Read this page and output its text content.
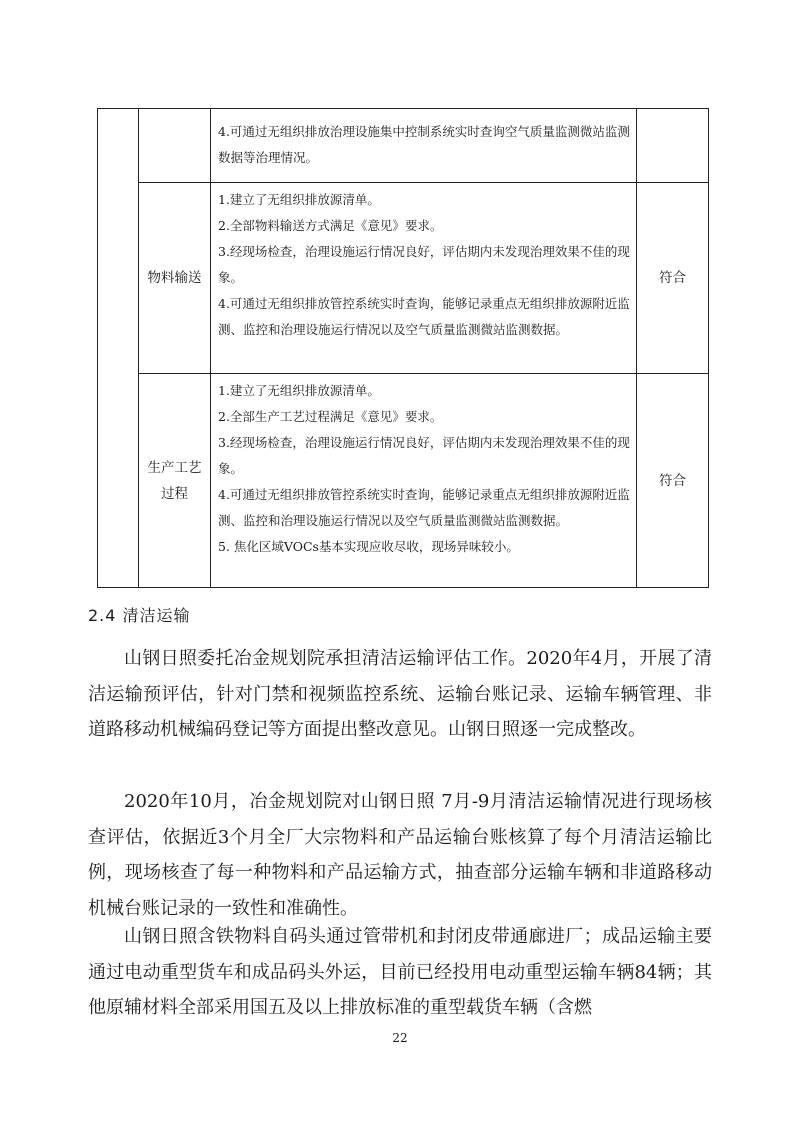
4.可通过无组织排放治理设施集中控制系统实时查询空气质量监测微站监测数据等治理情况。

物料输送

1.建立了无组织排放源清单。

2.全部物料输送方式满足《意见》要求。

3.经现场检查，治理设施运行情况良好，评估期内未发现治理效果不佳的现象。

4.可通过无组织排放管控系统实时查询，能够记录重点无组织排放源附近监测、监控和治理设施运行情况以及空气质量监测微站监测数据。

符合
生产工艺过程

1.建立了无组织排放源清单。

2.全部生产工艺过程满足《意见》要求。

3.经现场检查，治理设施运行情况良好，评估期内未发现治理效果不佳的现象。

4.可通过无组织排放管控系统实时查询，能够记录重点无组织排放源附近监测、监控和治理设施运行情况以及空气质量监测微站监测数据。

5. 焦化区域VOCs基本实现应收尽收，现场异味较小。

符合
2.4 清洁运输

山钢日照委托冶金规划院承担清洁运输评估工作。2020年4月，开展了清洁运输预评估，针对门禁和视频监控系统、运输台账记录、运输车辆管理、非道路移动机械编码登记等方面提出整改意见。山钢日照逐一完成整改。

2020年10月，冶金规划院对山钢日照 7月-9月清洁运输情况进行现场核查评估，依据近3个月全厂大宗物料和产品运输台账核算了每个月清洁运输比例，现场核查了每一种物料和产品运输方式，抽查部分运输车辆和非道路移动机械台账记录的一致性和准确性。

山钢日照含铁物料自码头通过管带机和封闭皮带通廊进厂；成品运输主要通过电动重型货车和成品码头外运，目前已经投用电动重型运输车辆84辆；其他原辅材料全部采用国五及以上排放标准的重型载货车辆（含燃

22
